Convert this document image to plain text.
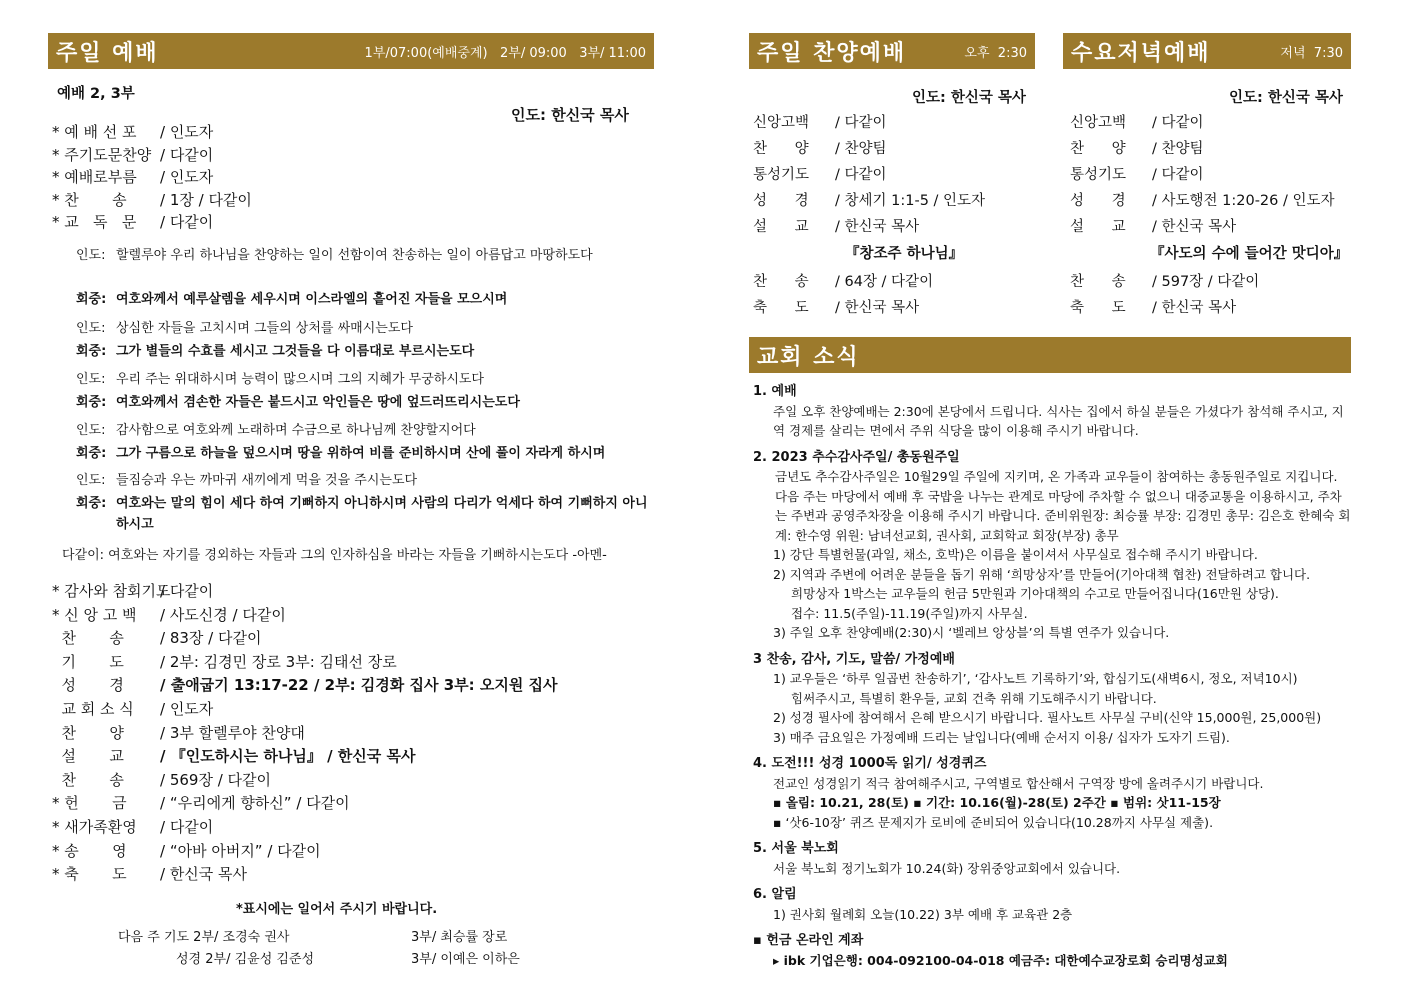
주일 예배	1부/07:00(예배중계)   2부/ 09:00   3부/ 11:00
예배 2, 3부
인도: 한신국 목사
* 예 배 선 포 / 인도자
* 주기도문찬양 / 다같이
* 예배로부름 / 인도자
* 찬       송 / 1장 / 다같이
* 교   독   문 / 다같이
인도: 할렐루야 우리 하나님을 찬양하는 일이 선함이여 찬송하는 일이 아름답고 마땅하도다
회중: 여호와께서 예루살렘을 세우시며 이스라엘의 흩어진 자들을 모으시며
인도: 상심한 자들을 고치시며 그들의 상처를 싸매시는도다
회중: 그가 별들의 수효를 세시고 그것들을 다 이름대로 부르시는도다
인도: 우리 주는 위대하시며 능력이 많으시며 그의 지혜가 무궁하시도다
회중: 여호와께서 겸손한 자들은 붙드시고 악인들은 땅에 엎드러뜨리시는도다
인도: 감사함으로 여호와께 노래하며 수금으로 하나님께 찬양할지어다
회중: 그가 구름으로 하늘을 덮으시며 땅을 위하여 비를 준비하시며 산에 풀이 자라게 하시며
인도: 들짐승과 우는 까마귀 새끼에게 먹을 것을 주시는도다
회중: 여호와는 말의 힘이 세다 하여 기뻐하지 아니하시며 사람의 다리가 억세다 하여 기뻐하지 아니하시고
다같이: 여호와는 자기를 경외하는 자들과 그의 인자하심을 바라는 자들을 기뻐하시는도다 -아멘-
* 감사와 참회기도/ 다같이
* 신 앙 고 백 / 사도신경 / 다같이
찬       송 / 83장 / 다같이
기       도 / 2부: 김경민 장로 3부: 김태선 장로
성       경 / 출애굽기 13:17-22 / 2부: 김경화 집사 3부: 오지원 집사
교 회 소 식 / 인도자
찬       양 / 3부 할렐루야 찬양대
설       교 / 『인도하시는 하나님』 / 한신국 목사
찬       송 / 569장 / 다같이
* 헌       금 / “우리에게 향하신” / 다같이
* 새가족환영 / 다같이
* 송       영 / “아바 아버지” / 다같이
* 축       도 / 한신국 목사
*표시에는 일어서 주시기 바랍니다.
다음 주 기도 2부/ 조경숙 권사	3부/ 최승률 장로
성경 2부/ 김윤성 김준성	3부/ 이예은 이하은
주일 찬양예배	오후  2:30
인도: 한신국 목사
신앙고백 / 다같이
찬      양 / 찬양팀
통성기도 / 다같이
성      경 / 창세기 1:1-5 / 인도자
설      교 / 한신국 목사
찬      송 / 64장 / 다같이
축      도 / 한신국 목사
『창조주 하나님』
수요저녁예배	저녁  7:30
인도: 한신국 목사
신앙고백 / 다같이
찬      양 / 찬양팀
통성기도 / 다같이
성      경 / 사도행전 1:20-26 / 인도자
설      교 / 한신국 목사
찬      송 / 597장 / 다같이
축      도 / 한신국 목사
『사도의 수에 들어간 맛디아』
교회 소식
1. 예배
주일 오후 찬양예배는 2:30에 본당에서 드립니다. 식사는 집에서 하실 분들은 가셨다가 참석해 주시고, 지역 경제를 살리는 면에서 주위 식당을 많이 이용해 주시기 바랍니다.
2. 2023 추수감사주일/ 총동원주일
금년도 추수감사주일은 10월29일 주일에 지키며, 온 가족과 교우들이 참여하는 총동원주일로 지킵니다. 다음 주는 마당에서 예배 후 국밥을 나누는 관계로 마당에 주차할 수 없으니 대중교통을 이용하시고, 주차는 주변과 공영주차장을 이용해 주시기 바랍니다. 준비위원장: 최승률 부장: 김경민 총무: 김은호 한혜숙 회계: 한수영 위원: 남녀선교회, 권사회, 교회학교 회장(부장) 총무
1) 강단 특별헌물(과일, 채소, 호박)은 이름을 붙이셔서 사무실로 접수해 주시기 바랍니다.
2) 지역과 주변에 어려운 분들을 돕기 위해 ‘희망상자’를 만들어(기아대책 협찬) 전달하려고 합니다.
희망상자 1박스는 교우들의 헌금 5만원과 기아대책의 수고로 만들어집니다(16만원 상당).
접수: 11.5(주일)-11.19(주일)까지 사무실.
3) 주일 오후 찬양예배(2:30)시 ‘벨레브 앙상블’의 특별 연주가 있습니다.
3 찬송, 감사, 기도, 말씀/ 가정예배
1) 교우들은 ‘하루 일곱번 찬송하기’, ‘감사노트 기록하기’와, 합심기도(새벽6시, 정오, 저녁10시)
힘써주시고, 특별히 환우들, 교회 건축 위해 기도해주시기 바랍니다.
2) 성경 필사에 참여해서 은혜 받으시기 바랍니다. 필사노트 사무실 구비(신약 15,000원, 25,000원)
3) 매주 금요일은 가정예배 드리는 날입니다(예배 순서지 이용/ 십자가 도자기 드림).
4. 도전!!! 성경 1000독 읽기/ 성경퀴즈
전교인 성경읽기 적극 참여해주시고, 구역별로 합산해서 구역장 방에 올려주시기 바랍니다.
▪ 올림: 10.21, 28(토) ▪ 기간: 10.16(월)-28(토) 2주간 ▪ 범위: 삿11-15장
▪ ‘삿6-10장’ 퀴즈 문제지가 로비에 준비되어 있습니다(10.28까지 사무실 제출).
5. 서울 북노회
서울 북노회 정기노회가 10.24(화) 장위중앙교회에서 있습니다.
6. 알림
1) 권사회 월례회 오늘(10.22) 3부 예배 후 교육관 2층
▪ 헌금 온라인 계좌
▸ ibk 기업은행: 004-092100-04-018 예금주: 대한예수교장로회 승리명성교회
